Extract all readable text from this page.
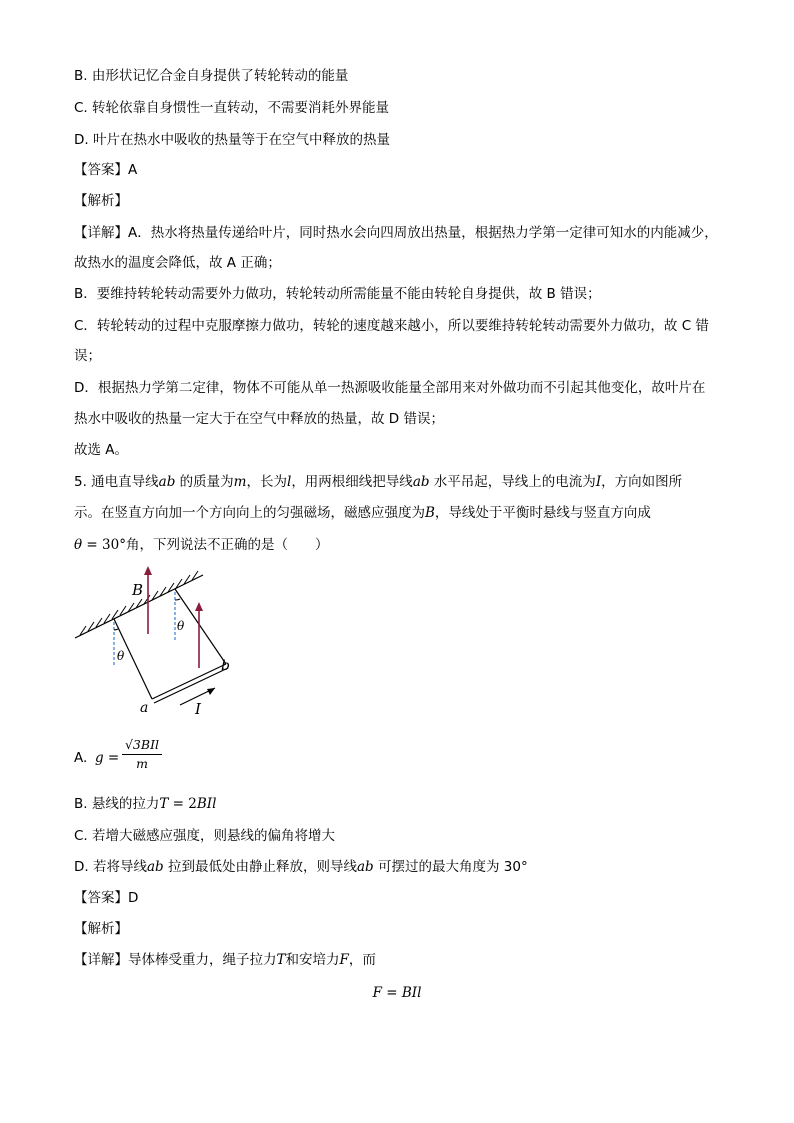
B. 由形状记忆合金自身提供了转轮转动的能量
C. 转轮依靠自身惯性一直转动，不需要消耗外界能量
D. 叶片在热水中吸收的热量等于在空气中释放的热量
【答案】A
【解析】
【详解】A．热水将热量传递给叶片，同时热水会向四周放出热量，根据热力学第一定律可知水的内能减少，
故热水的温度会降低，故 A 正确；
B．要维持转轮转动需要外力做功，转轮转动所需能量不能由转轮自身提供，故 B 错误；
C．转轮转动的过程中克服摩擦力做功，转轮的速度越来越小，所以要维持转轮转动需要外力做功，故 C 错
误；
D．根据热力学第二定律，物体不可能从单一热源吸收能量全部用来对外做功而不引起其他变化，故叶片在
热水中吸收的热量一定大于在空气中释放的热量，故 D 错误；
故选 A。
5. 通电直导线ab 的质量为m，长为l，用两根细线把导线ab 水平吊起，导线上的电流为I，方向如图所
示。在竖直方向加一个方向向上的匀强磁场，磁感应强度为B，导线处于平衡时悬线与竖直方向成
θ = 30°角，下列说法不正确的是（　　）
B
θ
θ
a
b
I
A. g =
√3BIl
m
B. 悬线的拉力T = 2BIl
C. 若增大磁感应强度，则悬线的偏角将增大
D. 若将导线ab 拉到最低处由静止释放，则导线ab 可摆过的最大角度为 30°
【答案】D
【解析】
【详解】导体棒受重力，绳子拉力T和安培力F，而
F = BIl
